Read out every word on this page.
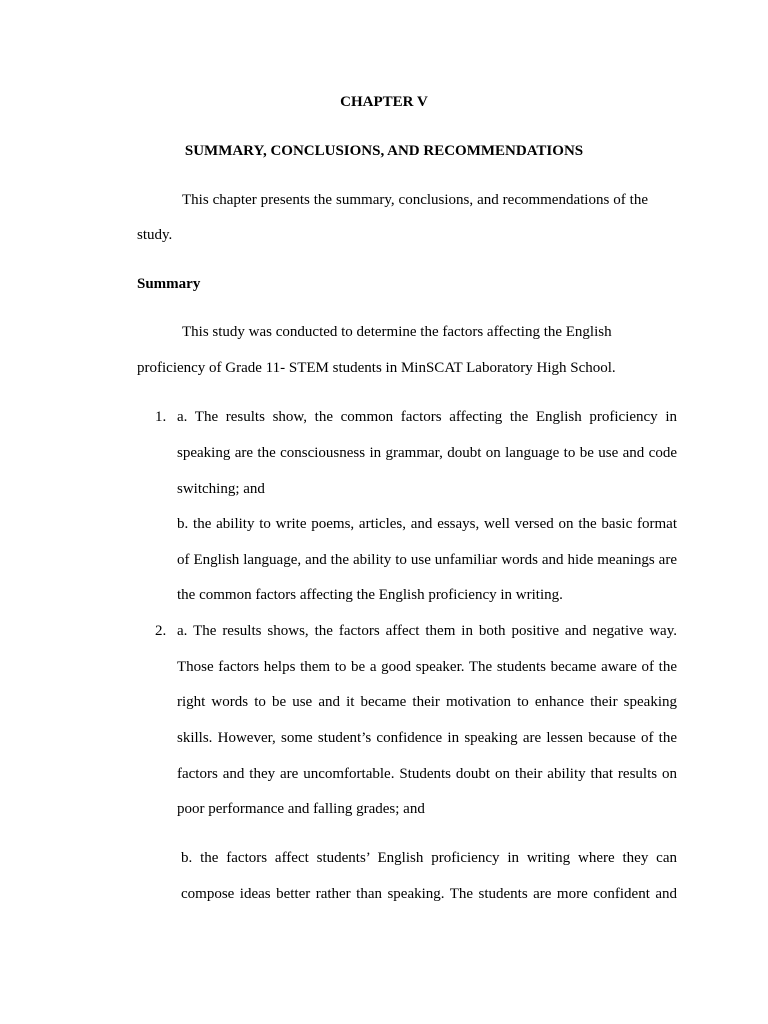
CHAPTER V
SUMMARY, CONCLUSIONS, AND RECOMMENDATIONS
This chapter presents the summary, conclusions, and recommendations of the
study.
Summary
This study was conducted to determine the factors affecting the English
proficiency of Grade 11- STEM students in MinSCAT Laboratory High School.
1. a. The results show, the common factors affecting the English proficiency in
speaking are the consciousness in grammar, doubt on language to be use and code
switching; and
b. the ability to write poems, articles, and essays, well versed on the basic format
of English language, and the ability to use unfamiliar words and hide meanings are
the common factors affecting the English proficiency in writing.
2. a. The results shows, the factors affect them in both positive and negative way.
Those factors helps them to be a good speaker. The students became aware of the
right words to be use and it became their motivation to enhance their speaking
skills. However, some student’s confidence in speaking are lessen because of the
factors and they are uncomfortable. Students doubt on their ability that results on
poor performance and falling grades; and
b. the factors affect students’ English proficiency in writing where they can
compose ideas better rather than speaking. The students are more confident and
